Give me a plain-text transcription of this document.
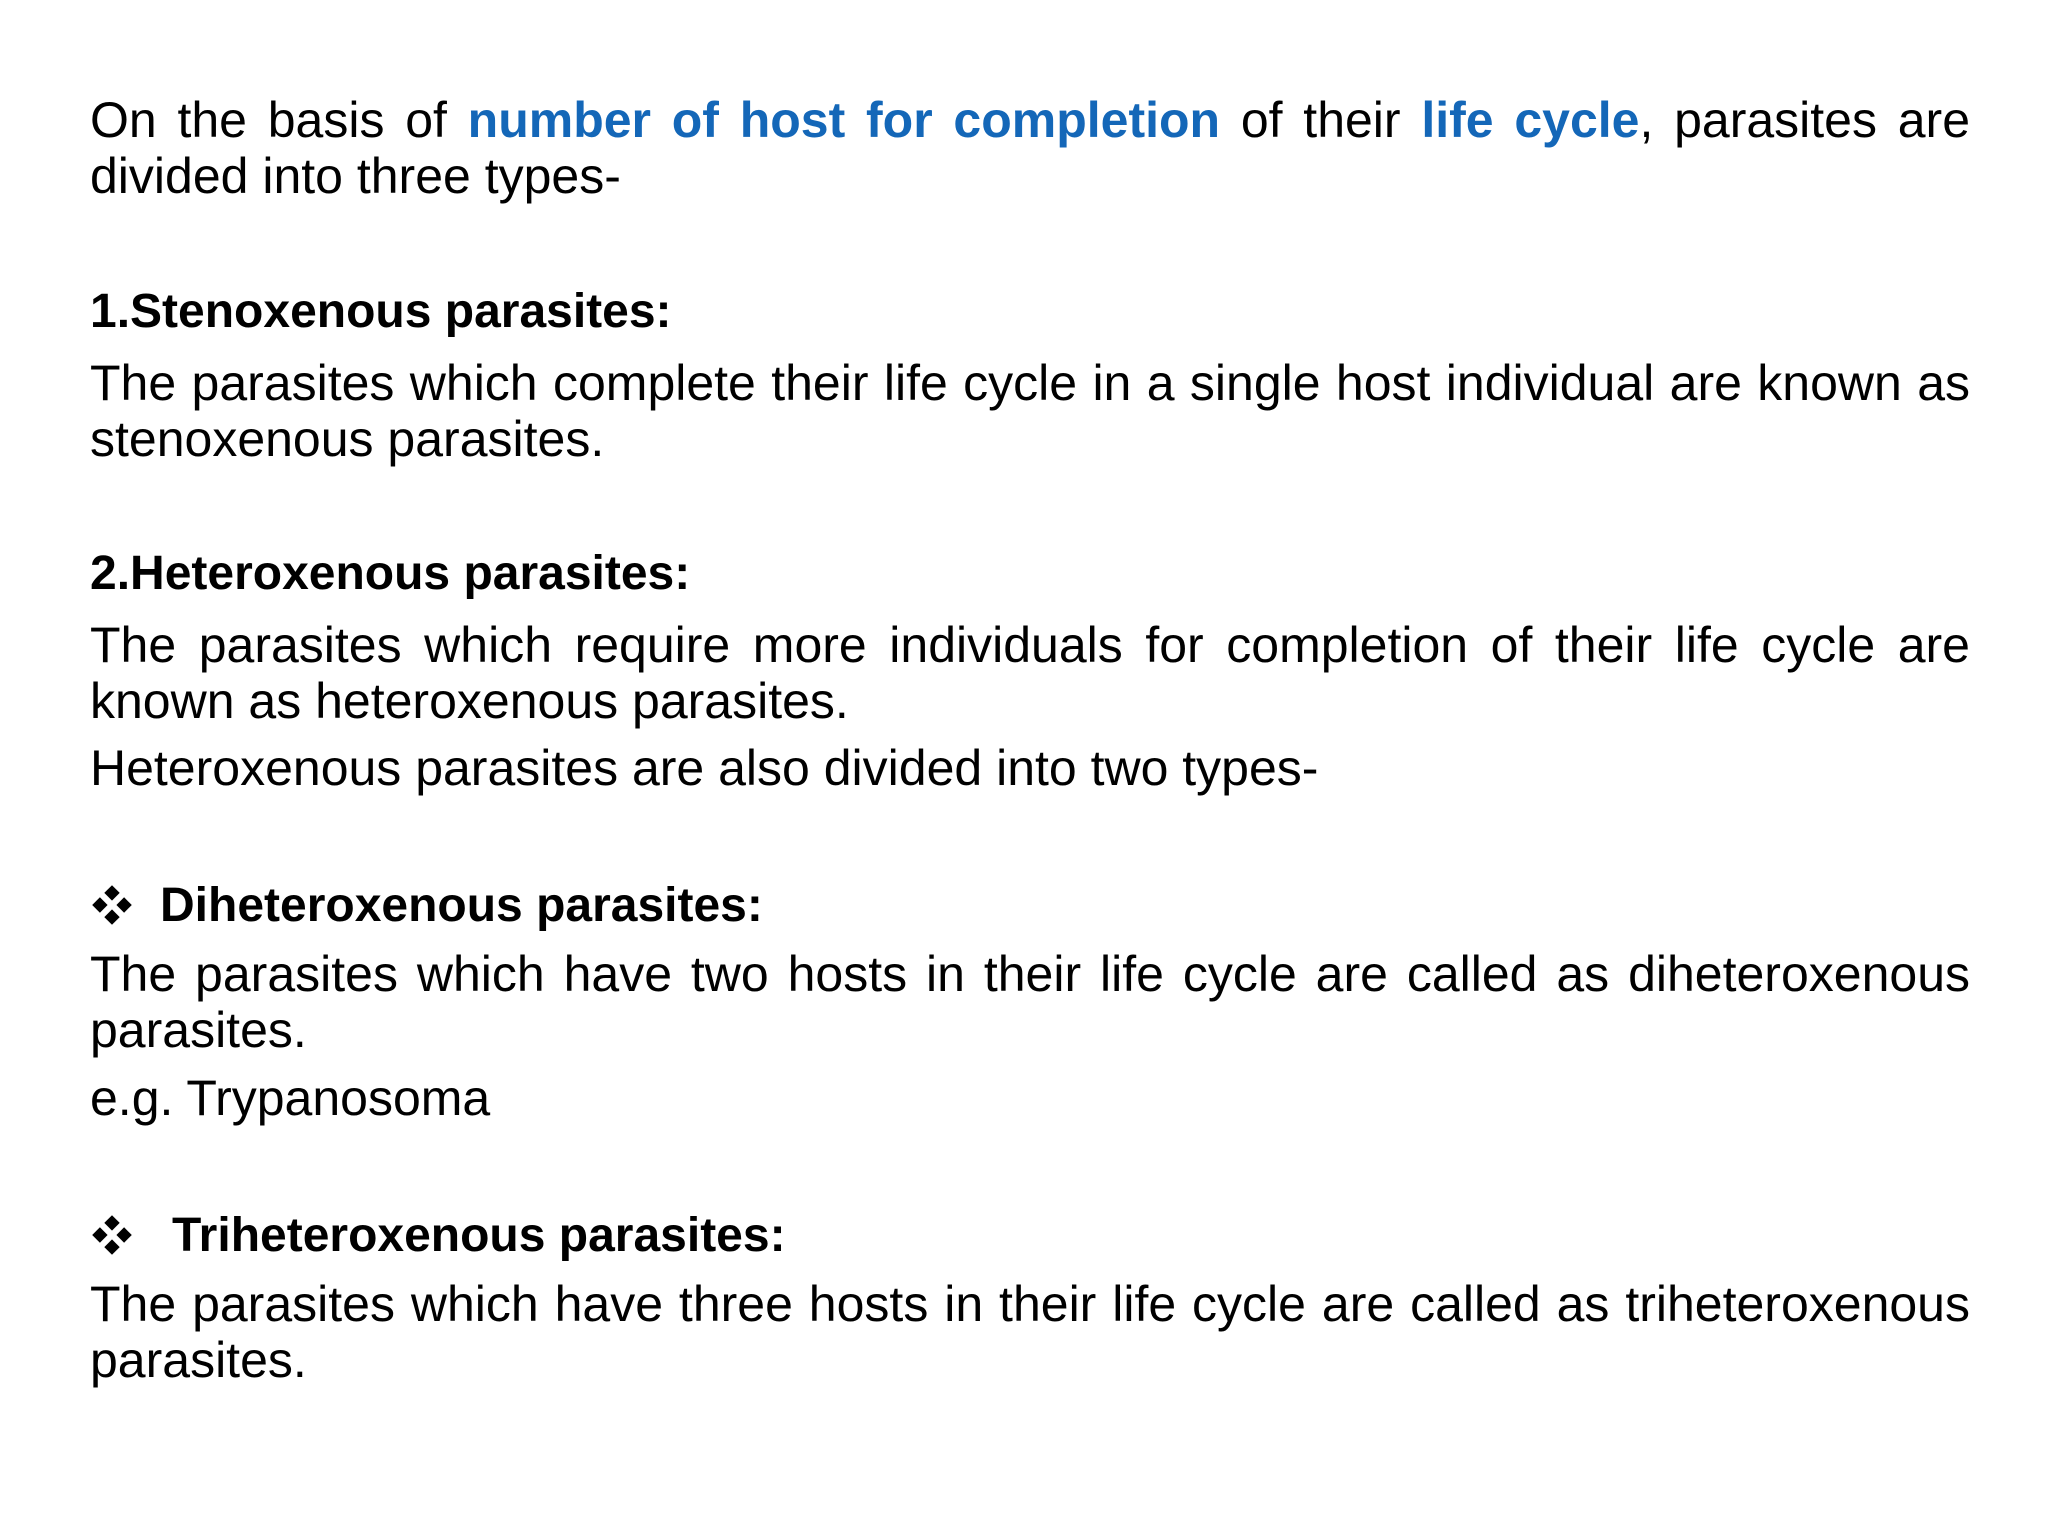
On the basis of number of host for completion of their life cycle, parasites are divided into three types-

1.Stenoxenous parasites:

The parasites which complete their life cycle in a single host individual are known as stenoxenous parasites.

2.Heteroxenous parasites:

The parasites which require more individuals for completion of their life cycle are known as heteroxenous parasites.

Heteroxenous parasites are also divided into two types-
Diheteroxenous parasites:

The parasites which have two hosts in their life cycle are called as diheteroxenous parasites.

e.g. Trypanosoma
Triheteroxenous parasites:

The parasites which have three hosts in their life cycle are called as triheteroxenous parasites.
